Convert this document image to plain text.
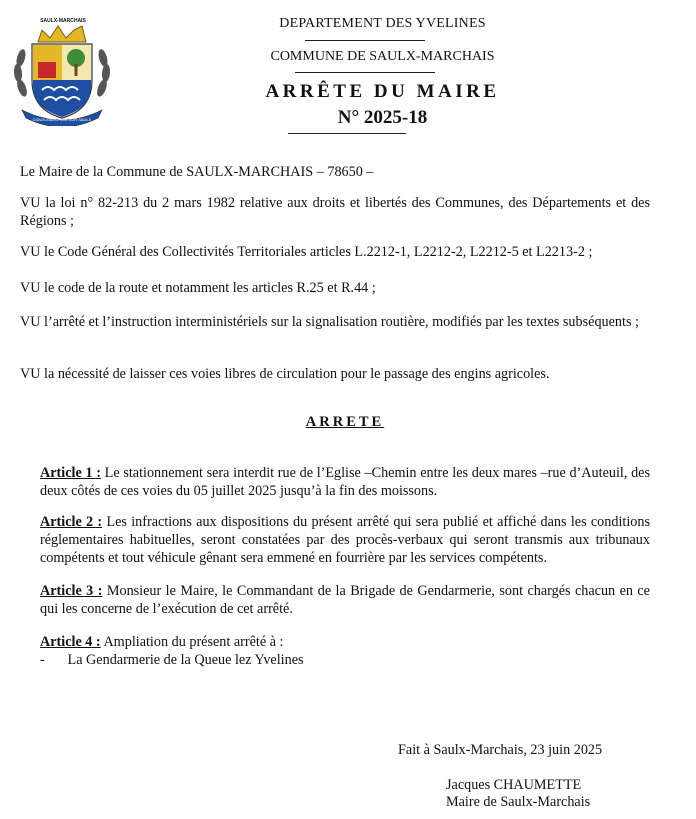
SAULX-MARCHAIS
CIDUS-MARCHAIS SUR SAULX
DEPARTEMENT DES YVELINES
COMMUNE DE SAULX-MARCHAIS
ARRÊTE DU MAIRE
N° 2025-18
Le Maire de la Commune de SAULX-MARCHAIS – 78650 –
VU la loi n° 82-213 du 2 mars 1982 relative aux droits et libertés des Communes, des Départements et des Régions ;
VU le Code Général des Collectivités Territoriales articles L.2212-1, L2212-2, L2212-5 et L2213-2 ;
VU le code de la route et notamment les articles R.25 et R.44 ;
VU l’arrêté et l’instruction interministériels sur la signalisation routière, modifiés par les textes subséquents ;
VU la nécessité de laisser ces voies libres de circulation pour le passage des engins agricoles.
ARRETE
Article 1 : Le stationnement sera interdit rue de l’Eglise –Chemin entre les deux mares –rue d’Auteuil, des deux côtés de ces voies du 05 juillet 2025 jusqu’à la fin des moissons.
Article 2 : Les infractions aux dispositions du présent arrêté qui sera publié et affiché dans les conditions réglementaires habituelles, seront constatées par des procès-verbaux qui seront transmis aux tribunaux compétents et tout véhicule gênant sera emmené en fourrière par les services compétents.
Article 3 : Monsieur le Maire, le Commandant de la Brigade de Gendarmerie, sont chargés chacun en ce qui les concerne de l’exécution de cet arrêté.
Article 4 : Ampliation du présent arrêté à :
- La Gendarmerie de la Queue lez Yvelines
Fait à Saulx-Marchais, 23 juin 2025
Jacques CHAUMETTE
Maire de Saulx-Marchais
